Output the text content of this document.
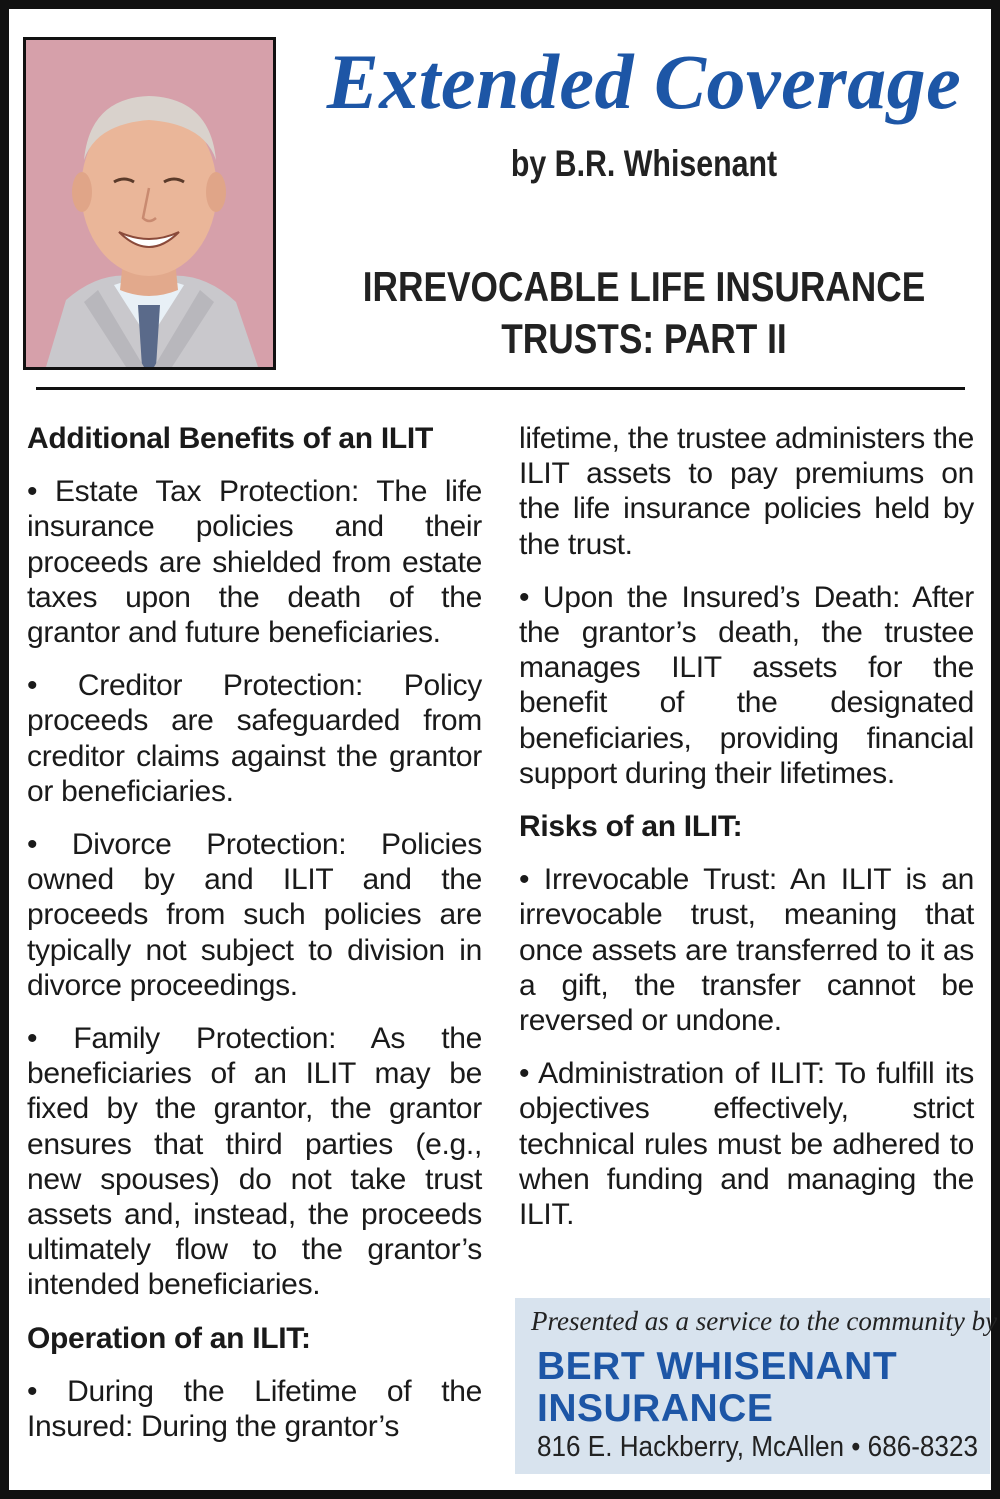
Extended Coverage
by B.R. Whisenant
IRREVOCABLE LIFE INSURANCE
TRUSTS: PART II
Additional Benefits of an ILIT

• Estate Tax Protection: The life insurance policies and their proceeds are shielded from estate taxes upon the death of the grantor and future beneficiaries.

• Creditor Protection: Policy proceeds are safeguarded from creditor claims against the grantor or beneficiaries.

• Divorce Protection: Policies owned by and ILIT and the proceeds from such policies are typically not subject to division in divorce proceedings.

• Family Protection: As the beneficiaries of an ILIT may be fixed by the grantor, the grantor ensures that third parties (e.g., new spouses) do not take trust assets and, instead, the proceeds ultimately flow to the grantor’s intended beneficiaries.

Operation of an ILIT:

• During the Lifetime of the Insured: During the grantor’s

lifetime, the trustee administers the ILIT assets to pay premiums on the life insurance policies held by the trust.

• Upon the Insured’s Death: After the grantor’s death, the trustee manages ILIT assets for the benefit of the designated beneficiaries, providing financial support during their lifetimes.

Risks of an ILIT:

• Irrevocable Trust: An ILIT is an irrevocable trust, meaning that once assets are transferred to it as a gift, the transfer cannot be reversed or undone.

• Administration of ILIT: To fulfill its objectives effectively, strict technical rules must be adhered to when funding and managing the ILIT.

Presented as a service to the community by
BERT WHISENANT
INSURANCE
816 E. Hackberry, McAllen • 686-8323
